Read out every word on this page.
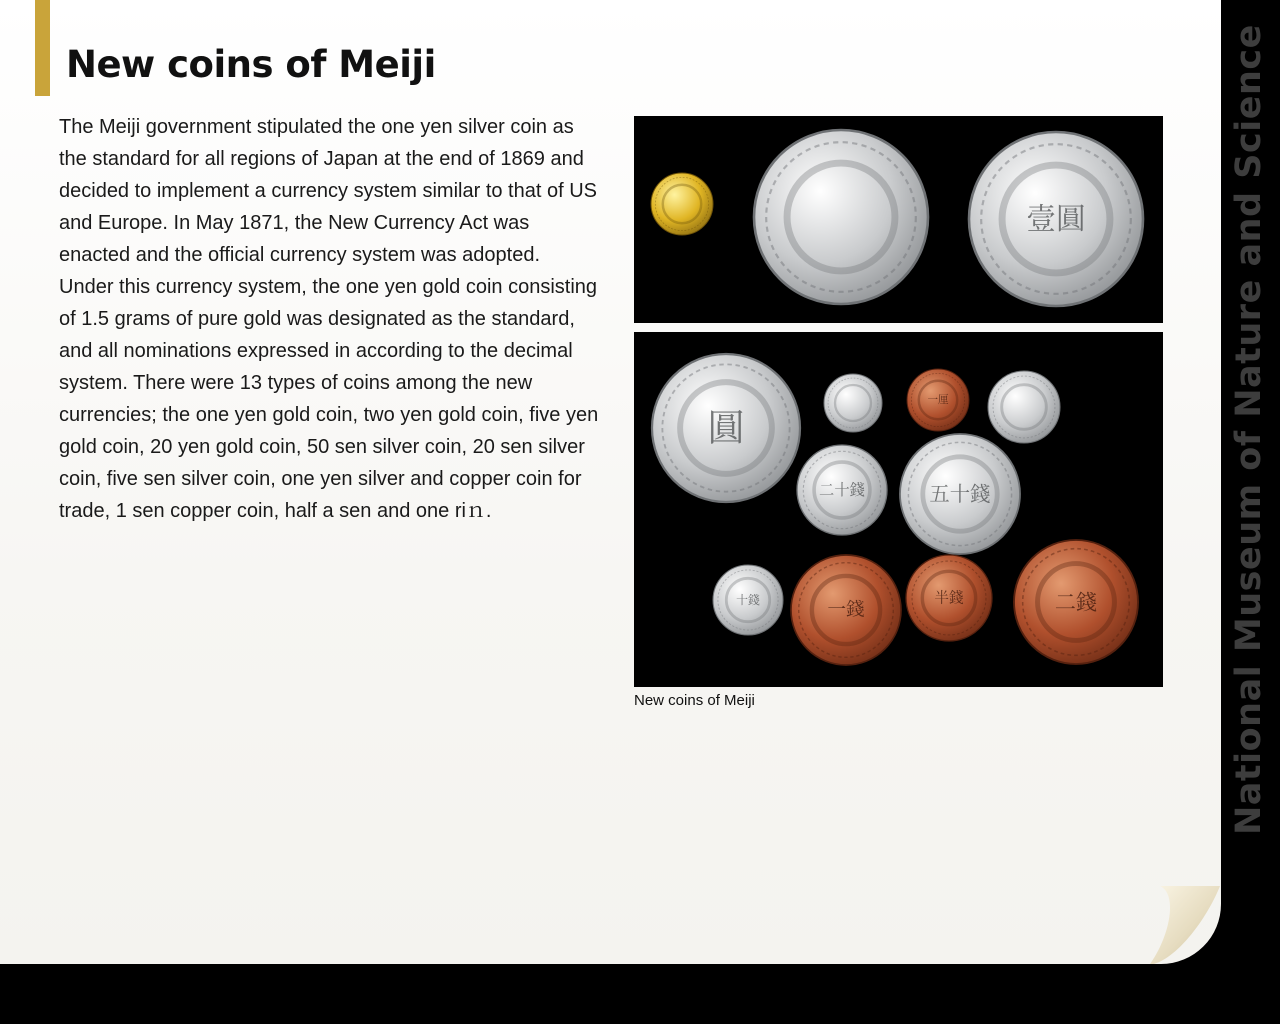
New coins of Meiji

The Meiji government stipulated the one yen silver coin as the standard for all regions of Japan at the end of 1869 and decided to implement a currency system similar to that of US and Europe. In May 1871, the New Currency Act was enacted and the official currency system was adopted. Under this currency system, the one yen gold coin consisting of 1.5 grams of pure gold was designated as the standard, and all nominations expressed in according to the decimal system. There were 13 types of coins among the new currencies; the one yen gold coin, two yen gold coin, five yen gold coin, 20 yen gold coin, 50 sen silver coin, 20 sen silver coin, five sen silver coin, one yen silver and copper coin for trade, 1 sen copper coin, half a sen and one riｎ.

壹圓
圓
一厘
二十錢	五十錢
十錢	一錢
半錢	二錢
New coins of Meiji	National Museum of Nature and Science
